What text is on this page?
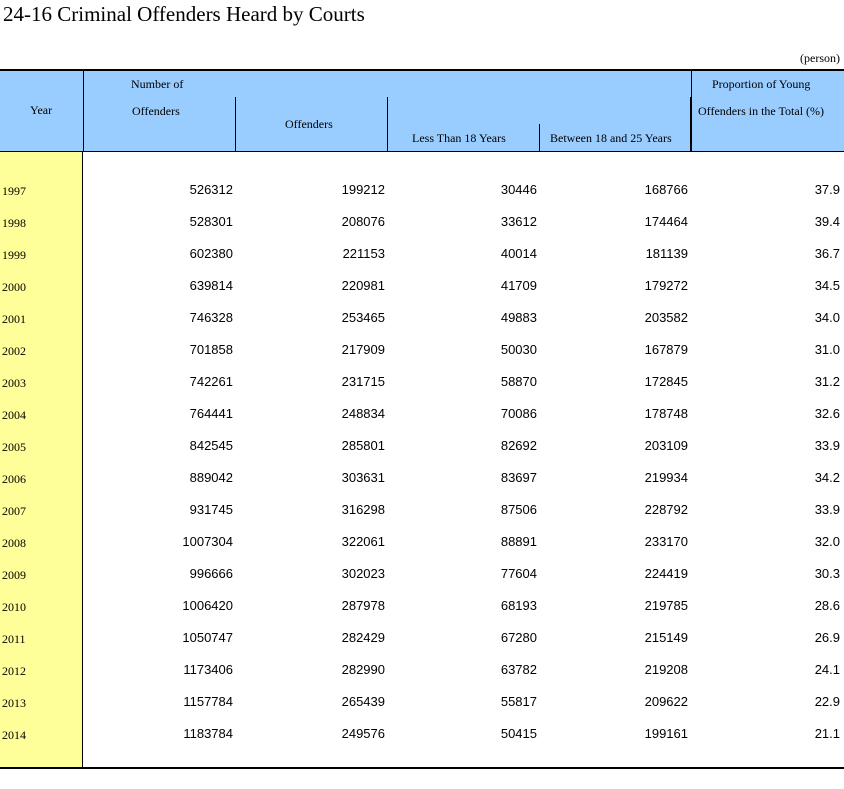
24-16 Criminal Offenders Heard by Courts
(person)
Year
Number of
Offenders
Offenders
Less Than 18 Years	Between 18 and 25 Years
Proportion of Young
Offenders in the Total (%)
1997	526312	199212	30446	168766	37.9
1998	528301	208076	33612	174464	39.4
1999	602380	221153	40014	181139	36.7
2000	639814	220981	41709	179272	34.5
2001	746328	253465	49883	203582	34.0
2002	701858	217909	50030	167879	31.0
2003	742261	231715	58870	172845	31.2
2004	764441	248834	70086	178748	32.6
2005	842545	285801	82692	203109	33.9
2006	889042	303631	83697	219934	34.2
2007	931745	316298	87506	228792	33.9
2008	1007304	322061	88891	233170	32.0
2009	996666	302023	77604	224419	30.3
2010	1006420	287978	68193	219785	28.6
2011	1050747	282429	67280	215149	26.9
2012	1173406	282990	63782	219208	24.1
2013	1157784	265439	55817	209622	22.9
2014	1183784	249576	50415	199161	21.1
